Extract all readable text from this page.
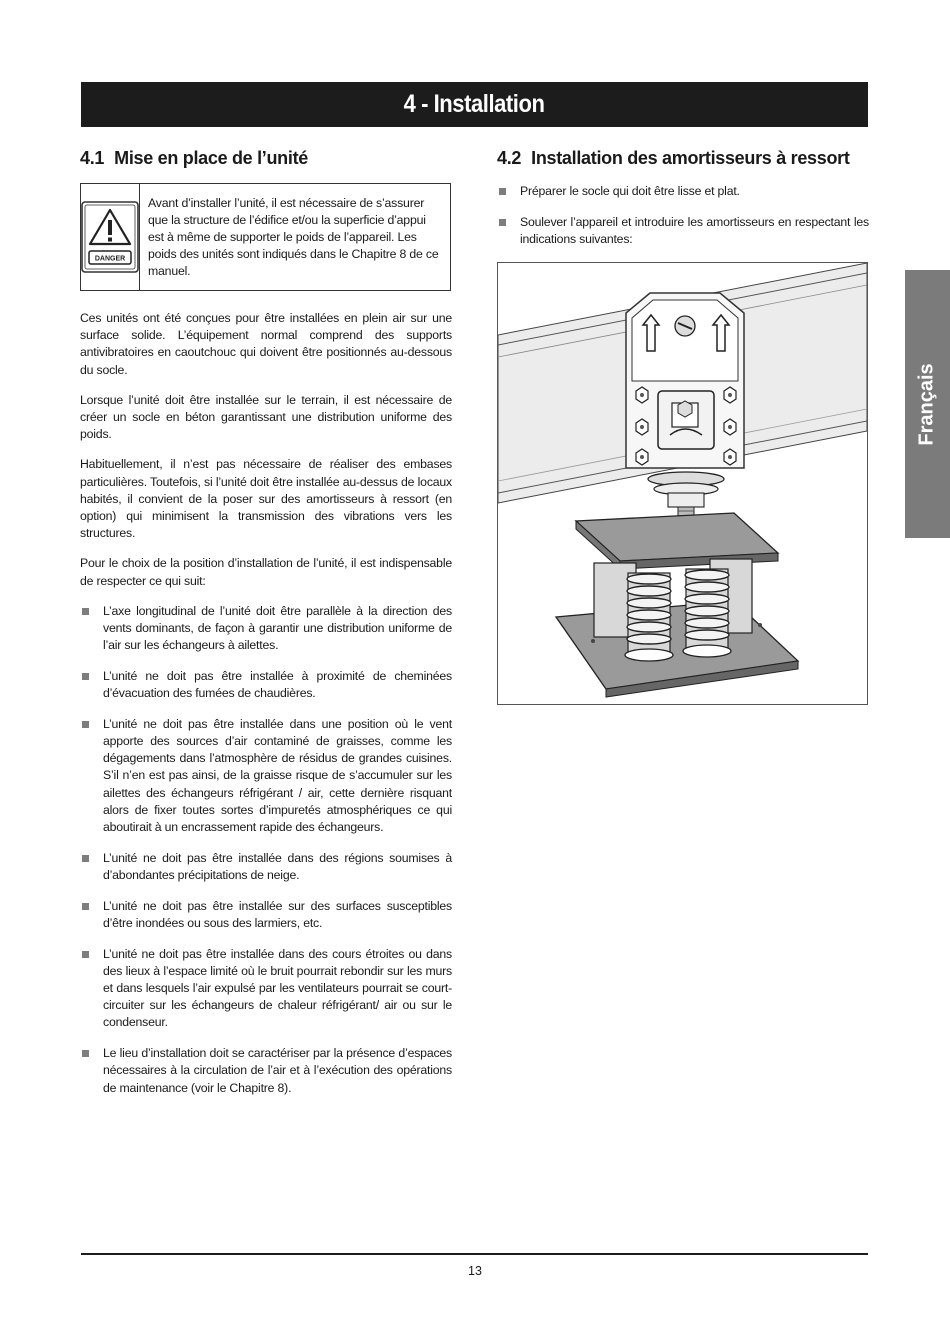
4 - Installation
Français
4.1 Mise en place de l’unité
DANGER
Avant d’installer l’unité, il est nécessaire de s’assurer que la structure de l’édifice et/ou la superficie d’appui est à même de supporter le poids de l’appareil. Les poids des unités sont indiqués dans le Chapitre 8 de ce manuel.

Ces unités ont été conçues pour être installées en plein air sur une surface solide. L’équipement normal comprend des supports antivibratoires en caoutchouc qui doivent être positionnés au-dessous du socle.

Lorsque l’unité doit être installée sur le terrain, il est nécessaire de créer un socle en béton garantissant une distribution uniforme des poids.

Habituellement, il n’est pas nécessaire de réaliser des embases particulières. Toutefois, si l’unité doit être installée au-dessus de locaux habités, il convient de la poser sur des amortisseurs à ressort (en option) qui minimisent la transmission des vibrations vers les structures.

Pour le choix de la position d’installation de l’unité, il est indispensable de respecter ce qui suit:

L’axe longitudinal de l’unité doit être parallèle à la direction des vents dominants, de façon à garantir une distribution uniforme de l’air sur les échangeurs à ailettes.
L’unité ne doit pas être installée à proximité de cheminées d’évacuation des fumées de chaudières.
L’unité ne doit pas être installée dans une position où le vent apporte des sources d’air contaminé de graisses, comme les dégagements dans l’atmosphère de résidus de grandes cuisines. S’il n’en est pas ainsi, de la graisse risque de s’accumuler sur les ailettes des échangeurs réfrigérant / air, cette dernière risquant alors de fixer toutes sortes d’impuretés atmosphériques ce qui aboutirait à un encrassement rapide des échangeurs.
L’unité ne doit pas être installée dans des régions soumises à d’abondantes précipitations de neige.
L’unité ne doit pas être installée sur des surfaces susceptibles d’être inondées ou sous des larmiers, etc.
L’unité ne doit pas être installée dans des cours étroites ou dans des lieux à l’espace limité où le bruit pourrait rebondir sur les murs et dans lesquels l’air expulsé par les ventilateurs pourrait se court-circuiter sur les échangeurs de chaleur réfrigérant/ air ou sur le condenseur.
Le lieu d’installation doit se caractériser par la présence d’espaces nécessaires à la circulation de l’air et à l’exécution des opérations de maintenance (voir le Chapitre 8).
4.2 Installation des amortisseurs à ressort
Préparer le socle qui doit être lisse et plat.
Soulever l’appareil et introduire les amortisseurs en respectant les indications suivantes:
13
